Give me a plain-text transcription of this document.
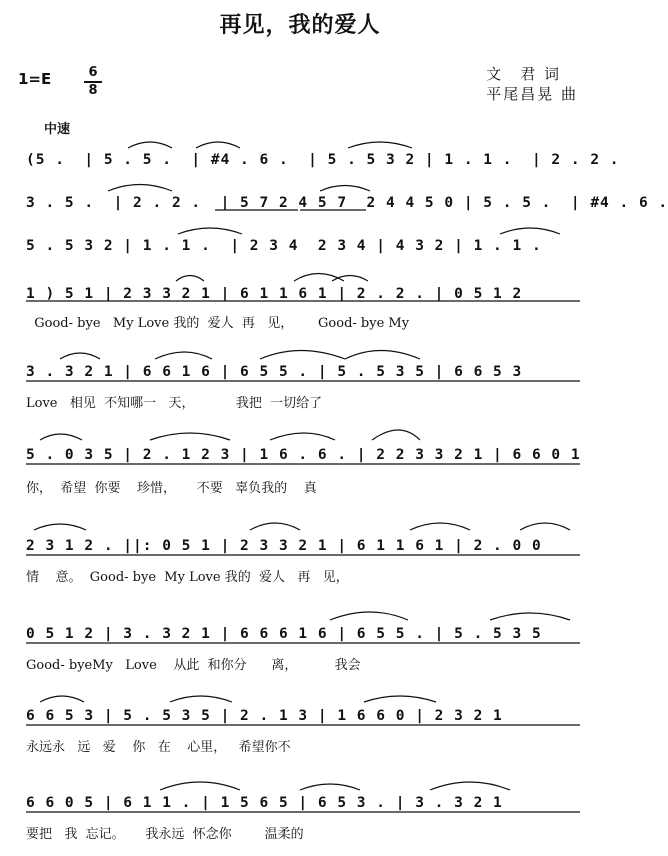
再见，我的爱人
1=E	6
8
文　君 词
平尾昌晃 曲
中速
(5 .  | 5 . 5 .  | #4 . 6 .  | 5 . 5 3 2 | 1 . 1 .  | 2 . 2 .
3 . 5 .  | 2 . 2 .  | 5 7 2 4 5 7  2 4 4 5 0 | 5 . 5 .  | #4 . 6 .
5 . 5 3 2 | 1 . 1 .  | 2 3 4  2 3 4 | 4 3 2 | 1 . 1 .
1 ) 5 1 | 2 3 3 2 1 | 6 1 1 6 1 | 2 . 2 . | 0 5 1 2
Good- bye   My Love 我的  爱人  再   见，      Good- bye My
3 . 3 2 1 | 6 6 1 6 | 6 5 5 . | 5 . 5 3 5 | 6 6 5 3
Love   相见  不知哪一   天，          我把  一切给了
5 . 0 3 5 | 2 . 1 2 3 | 1 6 . 6 . | 2 2 3 3 2 1 | 6 6 0 1
你，  希望  你要    珍惜，     不要   辜负我的    真
2 3 1 2 . ||: 0 5 1 | 2 3 3 2 1 | 6 1 1 6 1 | 2 . 0 0
情    意。  Good- bye  My Love 我的  爱人   再   见，
0 5 1 2 | 3 . 3 2 1 | 6 6 6 1 6 | 6 5 5 . | 5 . 5 3 5
Good- byeMy   Love    从此  和你分      离，         我会
6 6 5 3 | 5 . 5 3 5 | 2 . 1 3 | 1 6 6 0 | 2 3 2 1
永远永   远   爱    你   在    心里，   希望你不
6 6 0 5 | 6 1 1 . | 1 5 6 5 | 6 5 3 . | 3 . 3 2 1
要把   我  忘记。     我永远  怀念你        温柔的
